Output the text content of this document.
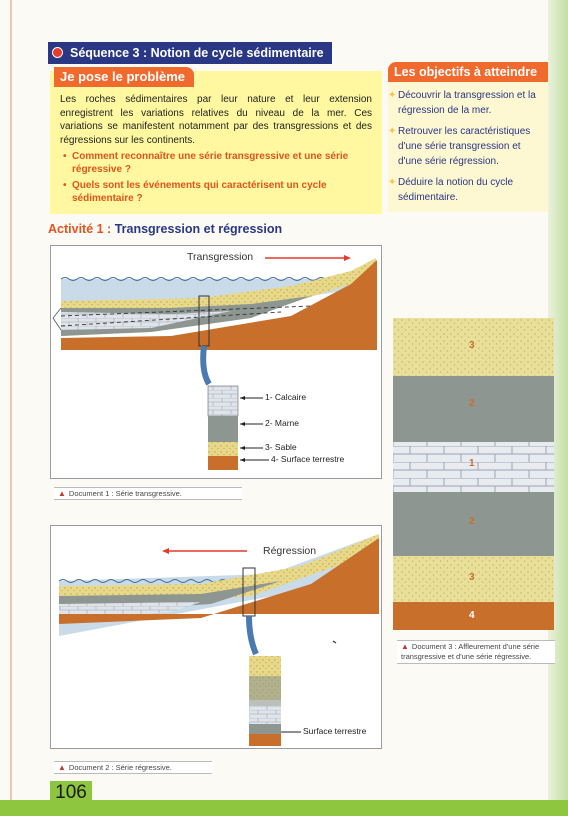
Séquence 3 : Notion de cycle sédimentaire
Je pose le problème
Les roches sédimentaires par leur nature et leur extension enregistrent les variations relatives du niveau de la mer. Ces variations se manifestent notamment par des transgressions et des régressions sur les continents.
• Comment reconnaître une série transgressive et une série régressive ?
• Quels sont les événements qui caractérisent un cycle sédimentaire ?
Les objectifs à atteindre
✦ Découvrir la transgression et la régression de la mer.
✦ Retrouver les caractéristiques d'une série transgression et d'une série régression.
✦ Déduire la notion du cycle sédimentaire.
Activité 1 : Transgression et régression
Transgression
1- Calcaire
2- Marne
3- Sable
4- Surface terrestre
▲ Document 1 : Série transgressive.
Régression
Surface terrestre
▲ Document 2 : Série régressive.
3
2
1
2
3
4
▲ Document 3 : Affleurement d'une série transgressive et d'une série régressive.
106
